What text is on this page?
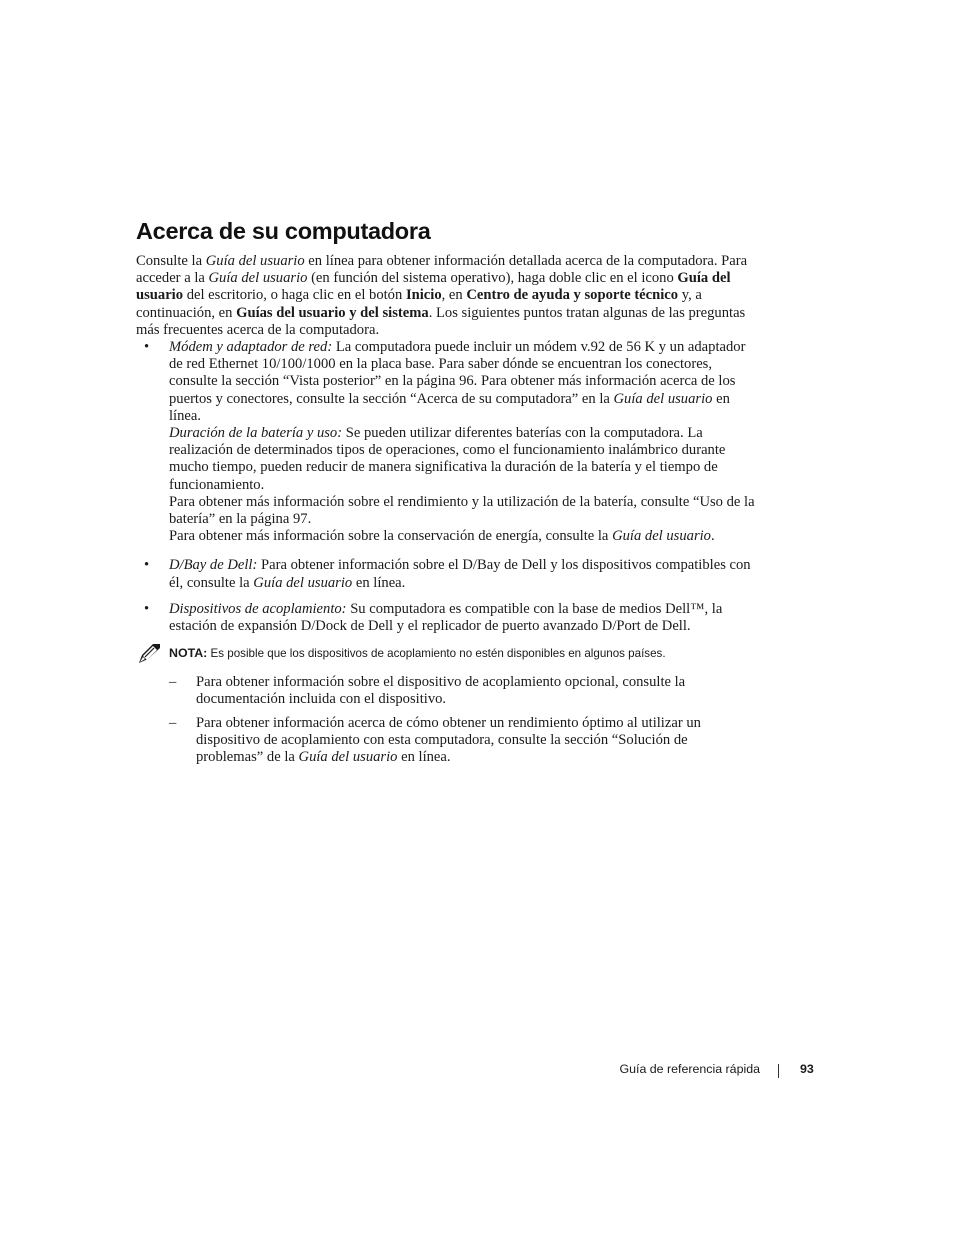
Acerca de su computadora

Consulte la Guía del usuario en línea para obtener información detallada acerca de la computadora. Para acceder a la Guía del usuario (en función del sistema operativo), haga doble clic en el icono Guía del usuario del escritorio, o haga clic en el botón Inicio, en Centro de ayuda y soporte técnico y, a continuación, en Guías del usuario y del sistema. Los siguientes puntos tratan algunas de las preguntas más frecuentes acerca de la computadora.

• Módem y adaptador de red: La computadora puede incluir un módem v.92 de 56 K y un adaptador de red Ethernet 10/100/1000 en la placa base. Para saber dónde se encuentran los conectores, consulte la sección “Vista posterior” en la página 96. Para obtener más información acerca de los puertos y conectores, consulte la sección “Acerca de su computadora” en la Guía del usuario en línea.

Duración de la batería y uso: Se pueden utilizar diferentes baterías con la computadora. La realización de determinados tipos de operaciones, como el funcionamiento inalámbrico durante mucho tiempo, pueden reducir de manera significativa la duración de la batería y el tiempo de funcionamiento.

Para obtener más información sobre el rendimiento y la utilización de la batería, consulte “Uso de la batería” en la página 97.

Para obtener más información sobre la conservación de energía, consulte la Guía del usuario.

• D/Bay de Dell: Para obtener información sobre el D/Bay de Dell y los dispositivos compatibles con él, consulte la Guía del usuario en línea.

• Dispositivos de acoplamiento: Su computadora es compatible con la base de medios Dell™, la estación de expansión D/Dock de Dell y el replicador de puerto avanzado D/Port de Dell.

NOTA: Es posible que los dispositivos de acoplamiento no estén disponibles en algunos países.

– Para obtener información sobre el dispositivo de acoplamiento opcional, consulte la documentación incluida con el dispositivo.

– Para obtener información acerca de cómo obtener un rendimiento óptimo al utilizar un dispositivo de acoplamiento con esta computadora, consulte la sección “Solución de problemas” de la Guía del usuario en línea.

Guía de referencia rápida	93
